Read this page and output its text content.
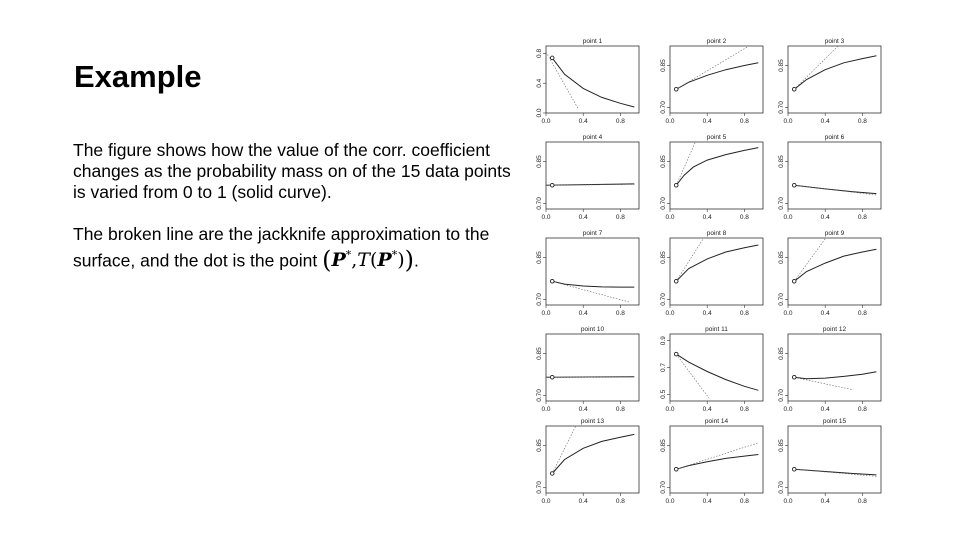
Example

The figure shows how the value of the corr. coefficient changes as the probability mass on of the 15 data points is varied from 0 to 1 (solid curve).

The broken line are the jackknife approximation to the surface, and the dot is the point (P*,T(P*)).

point 1
0.0	0.4	0.8
0.0
0.4
0.8
point 2
0.0	0.4	0.8
0.70
0.85
point 3
0.0	0.4	0.8
0.70
0.85
point 4
0.0	0.4	0.8
0.70
0.85
point 5
0.0	0.4	0.8
0.70
0.85
point 6
0.0	0.4	0.8
0.70
0.85
point 7
0.0	0.4	0.8
0.70
0.85
point 8
0.0	0.4	0.8
0.70
0.85
point 9
0.0	0.4	0.8
0.70
0.85
point 10
0.0	0.4	0.8
0.70
0.85
point 11
0.0	0.4	0.8
0.5
0.7
0.9
point 12
0.0	0.4	0.8
0.70
0.85
point 13
0.0	0.4	0.8
0.70
0.85
point 14
0.0	0.4	0.8
0.70
0.85
point 15
0.0	0.4	0.8
0.70
0.85
